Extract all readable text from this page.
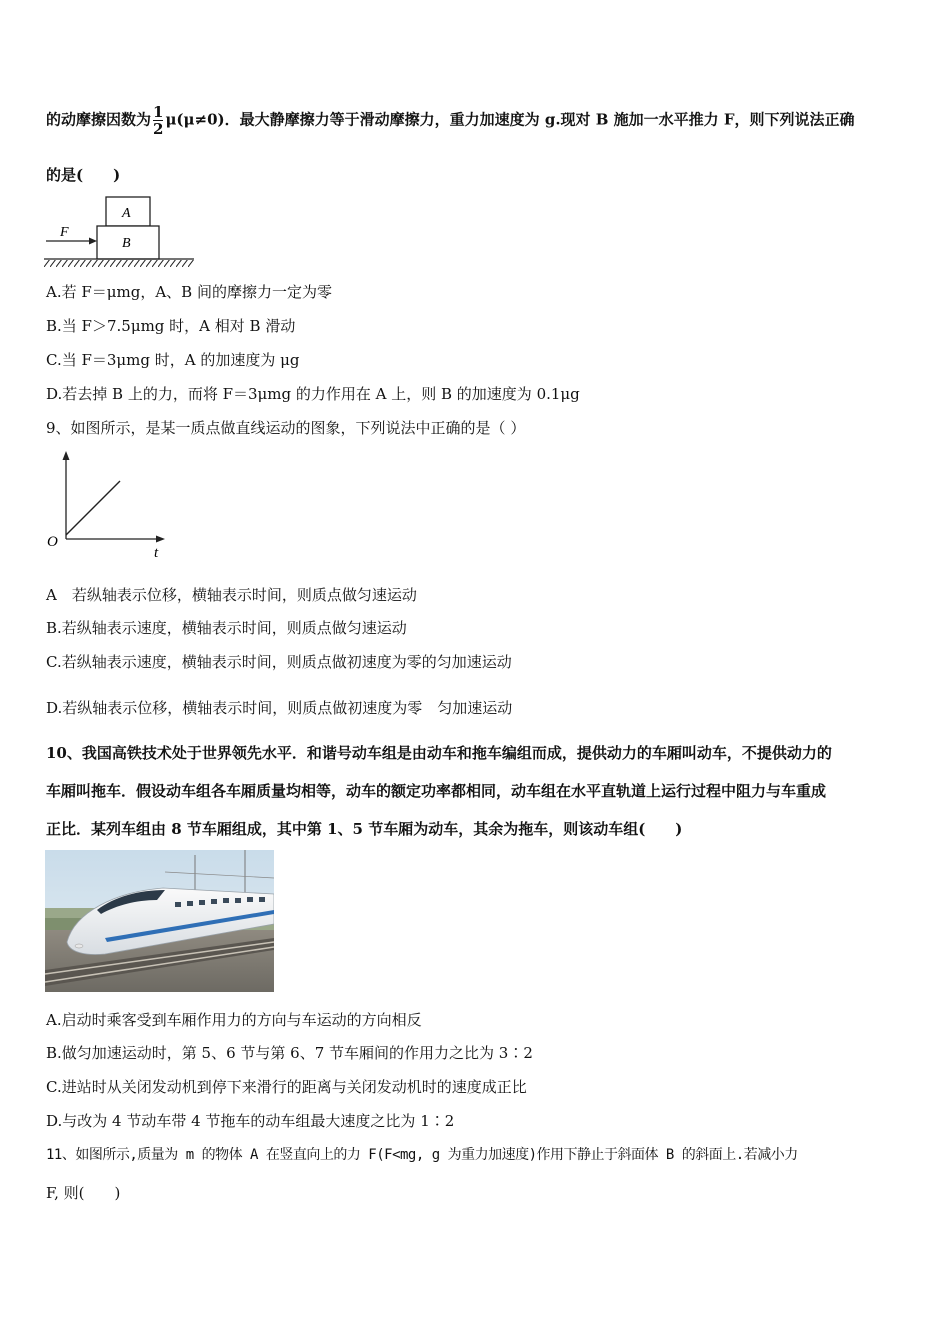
的动摩擦因数为 $\frac{1}{2} \mu(\mu\ne 0)$．最大静摩擦力等于滑动摩擦力，重力加速度为 g.现对 B 施加一水平推力 F，则下列说法正确
的是(　　)
A
B
F
A.若 F＝μmg，A、B 间的摩擦力一定为零
B.当 F＞7.5μmg 时，A 相对 B 滑动
C.当 F＝3μmg 时，A 的加速度为 μg
D.若去掉 B 上的力，而将 F＝3μmg 的力作用在 A 上，则 B 的加速度为 0.1μg
9、如图所示，是某一质点做直线运动的图象，下列说法中正确的是（ ）
O
t
A　若纵轴表示位移，横轴表示时间，则质点做匀速运动
B.若纵轴表示速度，横轴表示时间，则质点做匀速运动
C.若纵轴表示速度，横轴表示时间，则质点做初速度为零的匀加速运动
D.若纵轴表示位移，横轴表示时间，则质点做初速度为零　匀加速运动
10、我国高铁技术处于世界领先水平．和谐号动车组是由动车和拖车编组而成，提供动力的车厢叫动车，不提供动力的
车厢叫拖车．假设动车组各车厢质量均相等，动车的额定功率都相同，动车组在水平直轨道上运行过程中阻力与车重成
正比．某列车组由 8 节车厢组成，其中第 1、5 节车厢为动车，其余为拖车，则该动车组(　　)
A.启动时乘客受到车厢作用力的方向与车运动的方向相反
B.做匀加速运动时，第 5、6 节与第 6、7 节车厢间的作用力之比为 3∶2
C.进站时从关闭发动机到停下来滑行的距离与关闭发动机时的速度成正比
D.与改为 4 节动车带 4 节拖车的动车组最大速度之比为 1∶2
11、如图所示,质量为 m 的物体 A 在竖直向上的力 F(F<mg, g 为重力加速度)作用下静止于斜面体 B 的斜面上.若减小力
F, 则(　　)
